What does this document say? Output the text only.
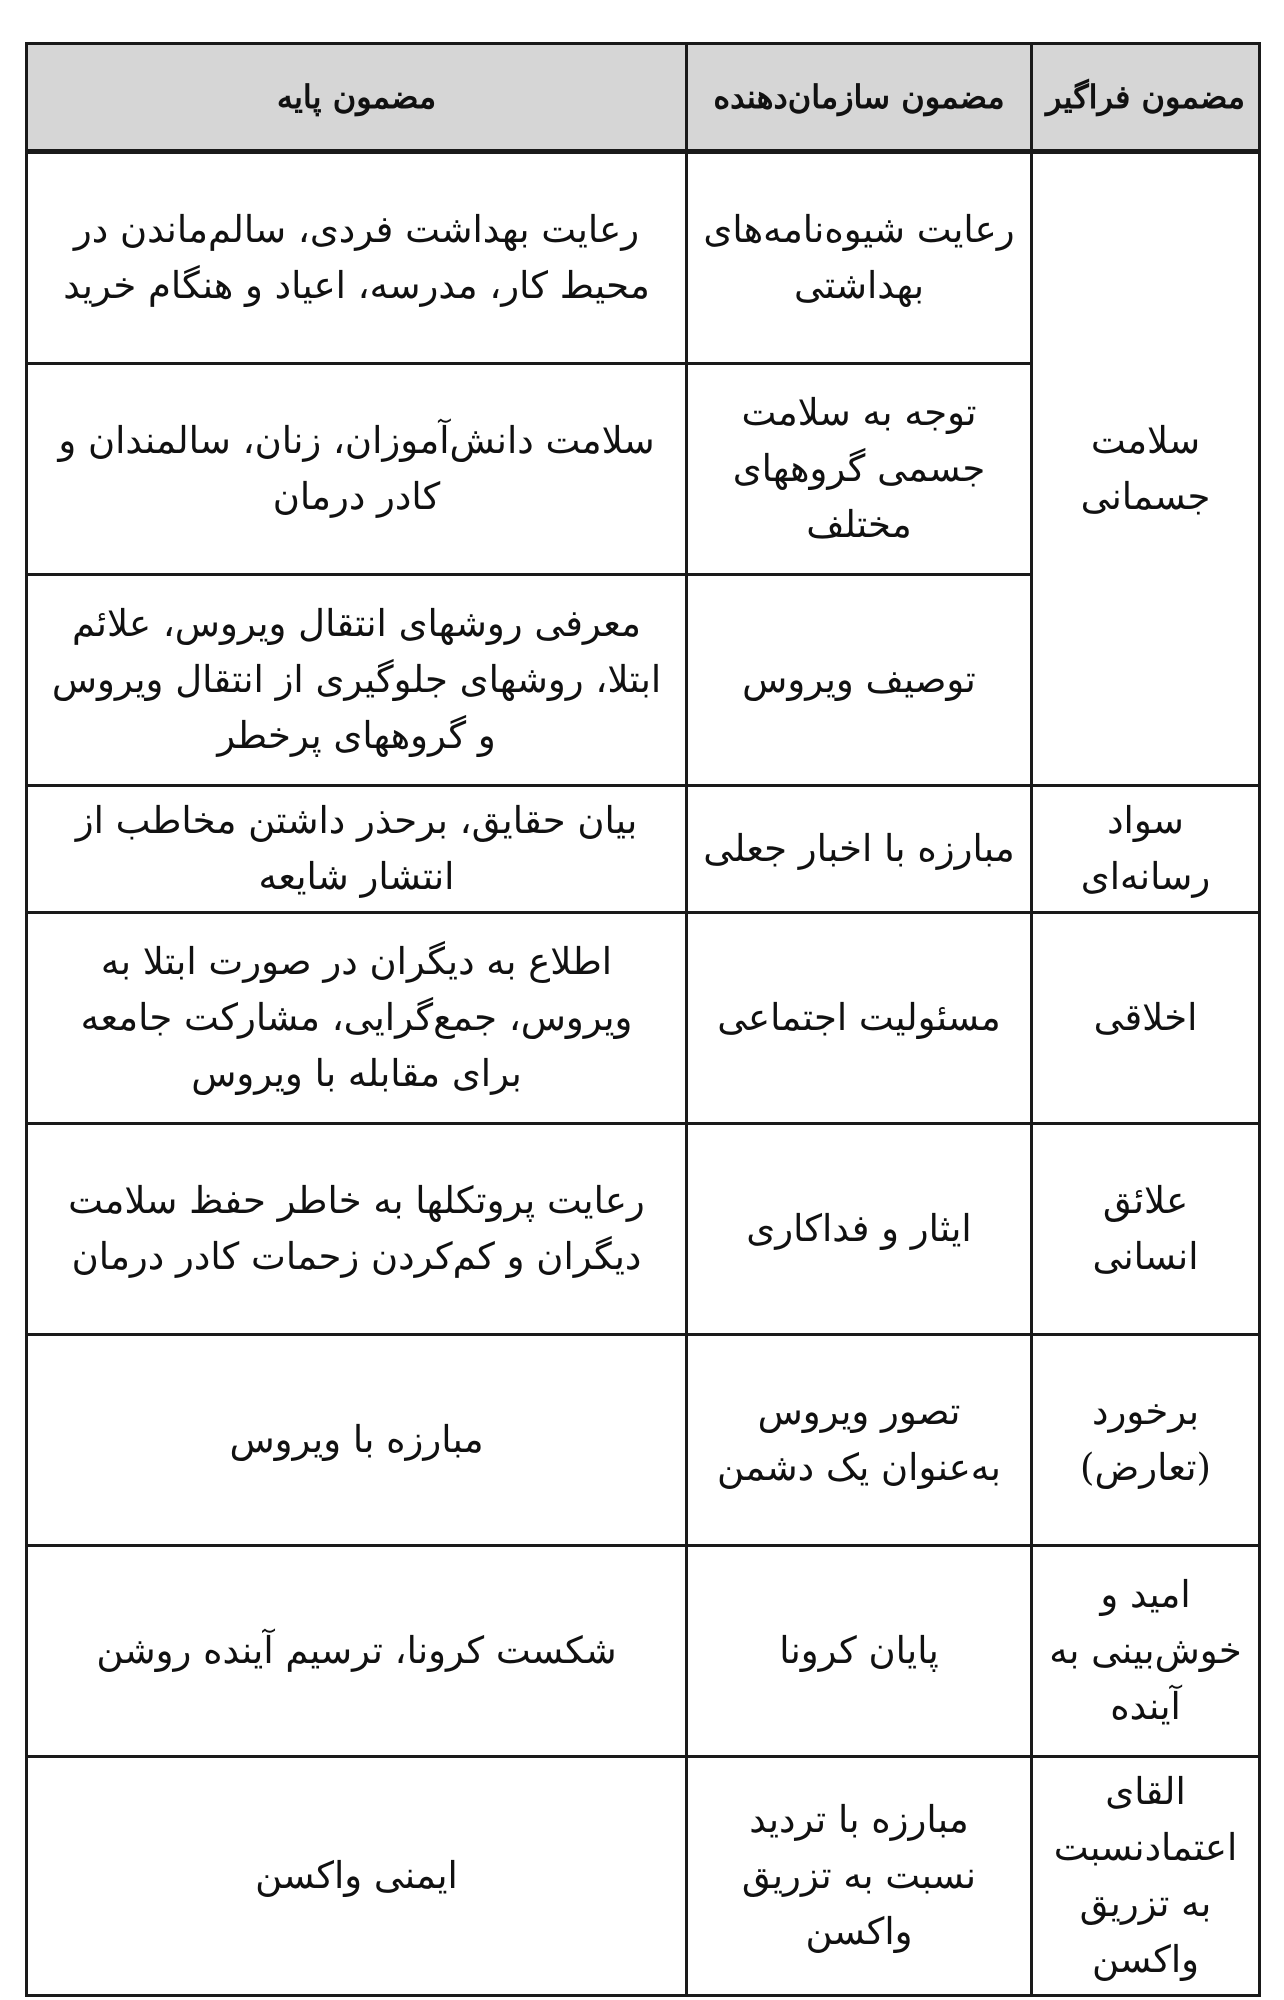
مضمون فراگیر	مضمون سازمان‌دهنده	مضمون پایه
سلامت جسمانی	رعایت شیوه‌نامه‌های بهداشتی	رعایت بهداشت فردی، سالم‌ماندن در محیط کار، مدرسه، اعیاد و هنگام خرید
	توجه به سلامت جسمی گروههای مختلف	سلامت دانش‌آموزان، زنان، سالمندان و کادر درمان
	توصیف ویروس	معرفی روشهای انتقال ویروس، علائم ابتلا، روشهای جلوگیری از انتقال ویروس و گروههای پرخطر
سواد رسانه‌ای	مبارزه با اخبار جعلی	بیان حقایق، برحذر داشتن مخاطب از انتشار شایعه
اخلاقی	مسئولیت اجتماعی	اطلاع به دیگران در صورت ابتلا به ویروس، جمع‌گرایی، مشارکت جامعه برای مقابله با ویروس
علائق انسانی	ایثار و فداکاری	رعایت پروتکلها به خاطر حفظ سلامت دیگران و کم‌کردن زحمات کادر درمان
برخورد (تعارض)	تصور ویروس به‌عنوان یک دشمن	مبارزه با ویروس
امید و خوش‌بینی به آینده	پایان کرونا	شکست کرونا، ترسیم آینده روشن
القای اعتمادنسبت به تزریق واکسن	مبارزه با تردید نسبت به تزریق واکسن	ایمنی واکسن
